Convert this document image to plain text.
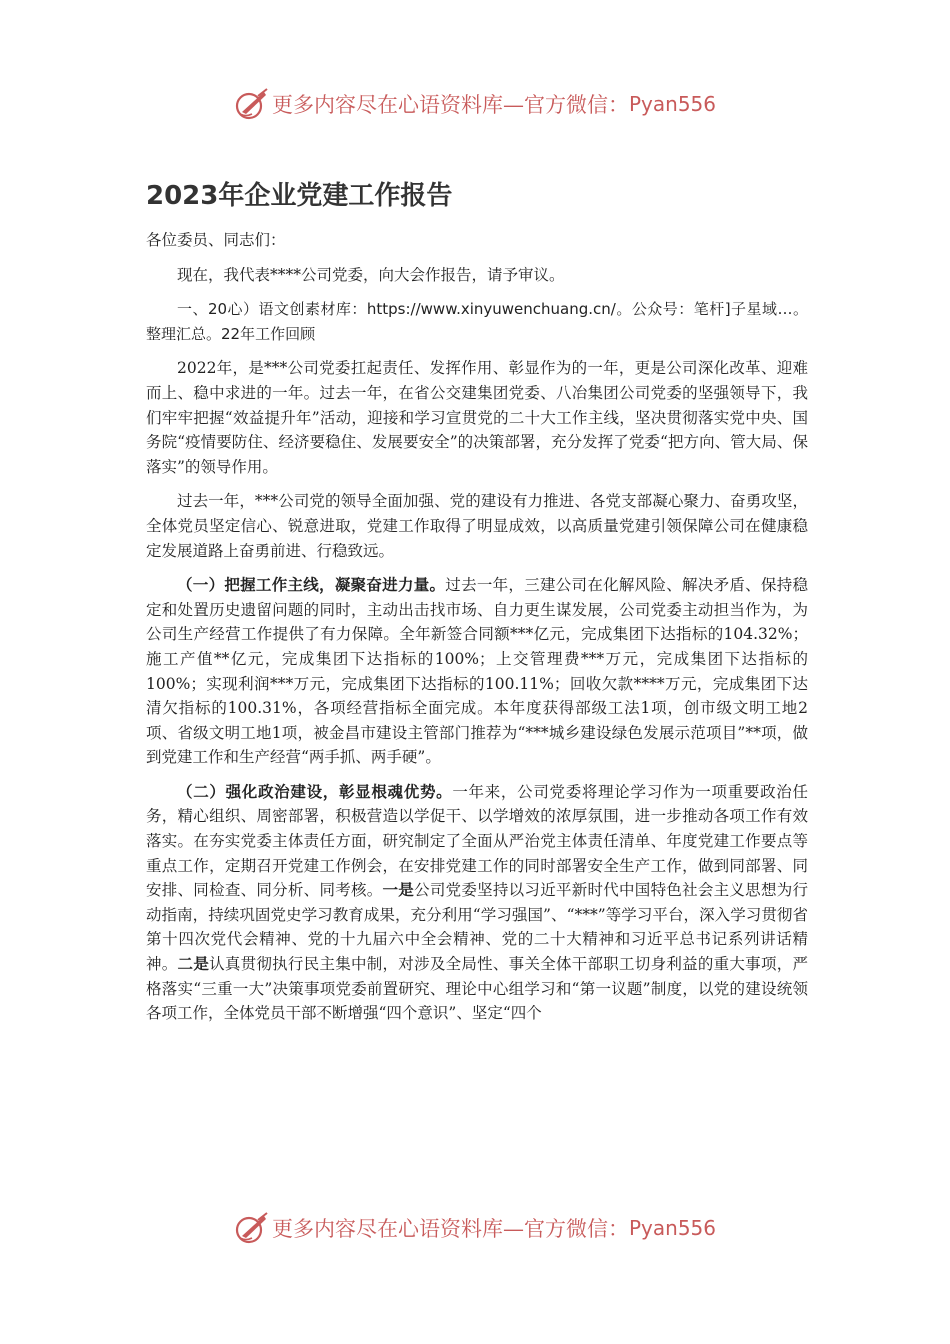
更多内容尽在心语资料库—官方微信： Pyan556
2023年企业党建工作报告

各位委员、同志们：

现在，我代表****公司党委，向大会作报告，请予审议。

一、20心）语文创素材库：https://www.xinyuwenchuang.cn/。公众号：笔杆]子星域…。整理汇总。22年工作回顾

2022年，是***公司党委扛起责任、发挥作用、彰显作为的一年，更是公司深化改革、迎难而上、稳中求进的一年。过去一年，在省公交建集团党委、八冶集团公司党委的坚强领导下，我们牢牢把握“效益提升年”活动，迎接和学习宣贯党的二十大工作主线，坚决贯彻落实党中央、国务院“疫情要防住、经济要稳住、发展要安全”的决策部署，充分发挥了党委“把方向、管大局、保落实”的领导作用。

过去一年，***公司党的领导全面加强、党的建设有力推进、各党支部凝心聚力、奋勇攻坚，全体党员坚定信心、锐意进取，党建工作取得了明显成效，以高质量党建引领保障公司在健康稳定发展道路上奋勇前进、行稳致远。

（一）把握工作主线，凝聚奋进力量。过去一年，三建公司在化解风险、解决矛盾、保持稳定和处置历史遗留问题的同时，主动出击找市场、自力更生谋发展，公司党委主动担当作为，为公司生产经营工作提供了有力保障。全年新签合同额***亿元，完成集团下达指标的104.32%；施工产值**亿元，完成集团下达指标的100%；上交管理费***万元，完成集团下达指标的100%；实现利润***万元，完成集团下达指标的100.11%；回收欠款****万元，完成集团下达清欠指标的100.31%，各项经营指标全面完成。本年度获得部级工法1项，创市级文明工地2项、省级文明工地1项，被金昌市建设主管部门推荐为“***城乡建设绿色发展示范项目”**项，做到党建工作和生产经营“两手抓、两手硬”。

（二）强化政治建设，彰显根魂优势。一年来，公司党委将理论学习作为一项重要政治任务，精心组织、周密部署，积极营造以学促干、以学增效的浓厚氛围，进一步推动各项工作有效落实。在夯实党委主体责任方面，研究制定了全面从严治党主体责任清单、年度党建工作要点等重点工作，定期召开党建工作例会，在安排党建工作的同时部署安全生产工作，做到同部署、同安排、同检查、同分析、同考核。一是公司党委坚持以习近平新时代中国特色社会主义思想为行动指南，持续巩固党史学习教育成果，充分利用“学习强国”、“***”等学习平台，深入学习贯彻省第十四次党代会精神、党的十九届六中全会精神、党的二十大精神和习近平总书记系列讲话精神。二是认真贯彻执行民主集中制，对涉及全局性、事关全体干部职工切身利益的重大事项，严格落实“三重一大”决策事项党委前置研究、理论中心组学习和“第一议题”制度，以党的建设统领各项工作，全体党员干部不断增强“四个意识”、坚定“四个

更多内容尽在心语资料库—官方微信： Pyan556
